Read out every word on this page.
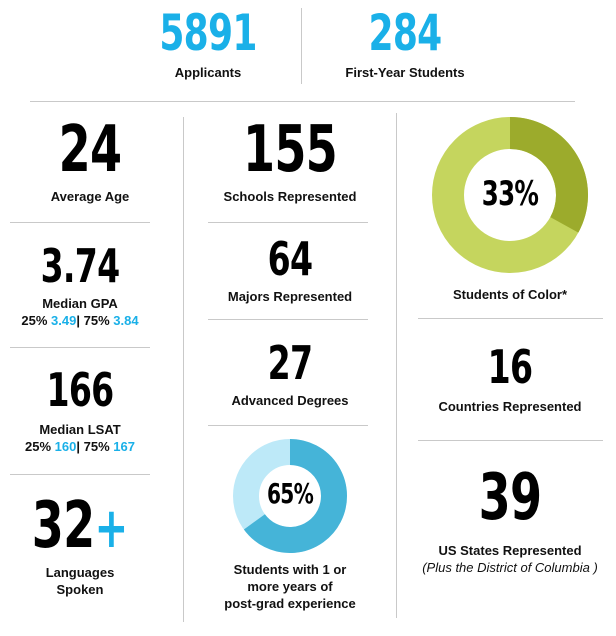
5891
Applicants
284
First-Year Students
24
Average Age
3.74
Median GPA
25% 3.49| 75% 3.84
166
Median LSAT
25% 160| 75% 167
32+
Languages
Spoken
155
Schools Represented
64
Majors Represented
27
Advanced Degrees
65%
Students with 1 or
more years of
post-grad experience
33%
Students of Color*
16
Countries Represented
39
US States Represented
(Plus the District of Columbia )
